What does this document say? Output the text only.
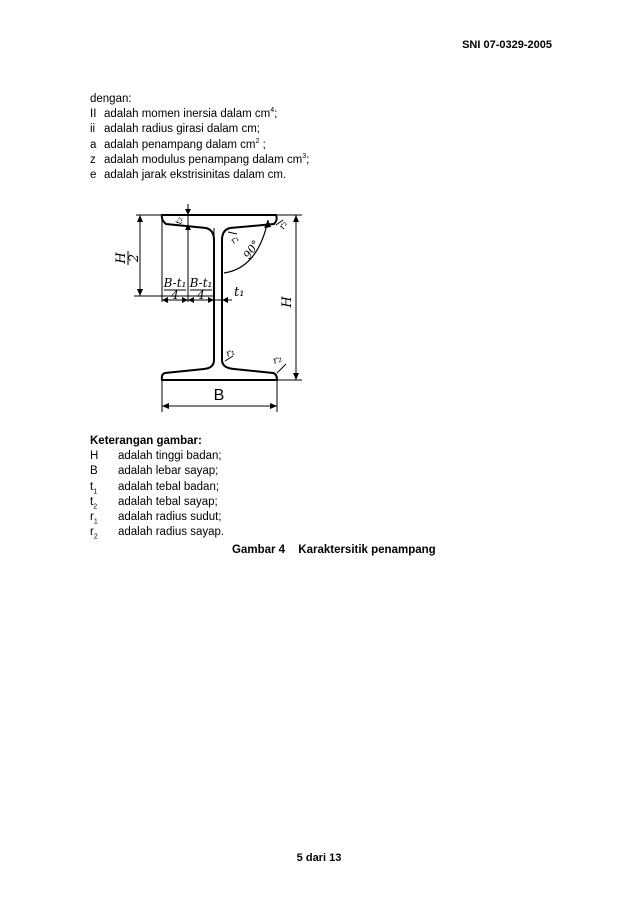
SNI 07-0329-2005
dengan:
II adalah momen inersia dalam $cm^4$;
ii adalah radius girasi dalam cm;
a adalah penampang dalam $cm^2$ ;
z adalah modulus penampang dalam $cm^3$;
e adalah jarak ekstrisinitas dalam cm.
H
2
B-t₁
4
B-t₁
4 t₁
t₂
H
B
r₁
r₂
r₁
r₂
90°
Keterangan gambar:
H	adalah tinggi badan;
B	adalah lebar sayap;
$t_1$	adalah tebal badan;
$t_2$	adalah tebal sayap;
$r_1$	adalah radius sudut;
$r_2$	adalah radius sayap.
Gambar 4 Karaktersitik penampang
5 dari 13
